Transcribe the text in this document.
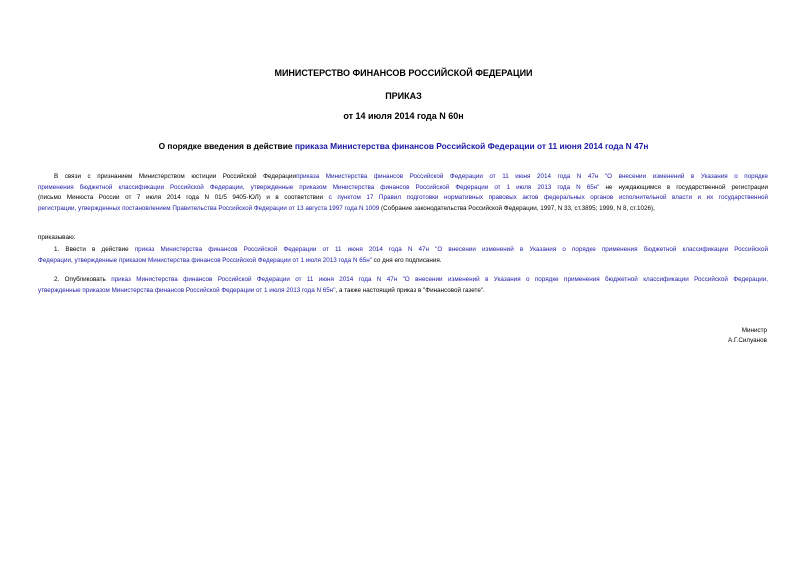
МИНИСТЕРСТВО ФИНАНСОВ РОССИЙСКОЙ ФЕДЕРАЦИИ
ПРИКАЗ
от 14 июля 2014 года N 60н
О порядке введения в действие приказа Министерства финансов Российской Федерации от 11 июня 2014 года N 47н
В связи с признанием Министерством юстиции Российской Федерацииприказа Министерства финансов Российской Федерации от 11 июня 2014 года N 47н "О внесении изменений в Указания о порядке
применения бюджетной классификации Российской Федерации, утвержденные приказом Министерства финансов Российской Федерации от 1 июля 2013 года N 65н" не нуждающимся в государственной регистрации
(письмо Минюста России от 7 июля 2014 года N 01/5 9405-ЮЛ) и в соответствии с пунктом 17 Правил подготовки нормативных правовых актов федеральных органов исполнительной власти и их государственной
регистрации, утвержденных постановлением Правительства Российской Федерации от 13 августа 1997 года N 1009 (Собрание законодательства Российской Федерации, 1997, N 33, ст.3895; 1999, N 8, ст.1026),
приказываю:
1. Ввести в действие приказ Министерства финансов Российской Федерации от 11 июня 2014 года N 47н "О внесении изменений в Указания о порядке применения бюджетной классификации Российской
Федерации, утвержденные приказом Министерства финансов Российской Федерации от 1 июля 2013 года N 65н" со дня его подписания.
2. Опубликовать приказ Министерства финансов Российской Федерации от 11 июня 2014 года N 47н "О внесении изменений в Указания о порядке применения бюджетной классификации Российской Федерации,
утвержденные приказом Министерства финансов Российской Федерации от 1 июля 2013 года N 65н", а также настоящий приказ в "Финансовой газете".
Министр
А.Г.Силуанов
